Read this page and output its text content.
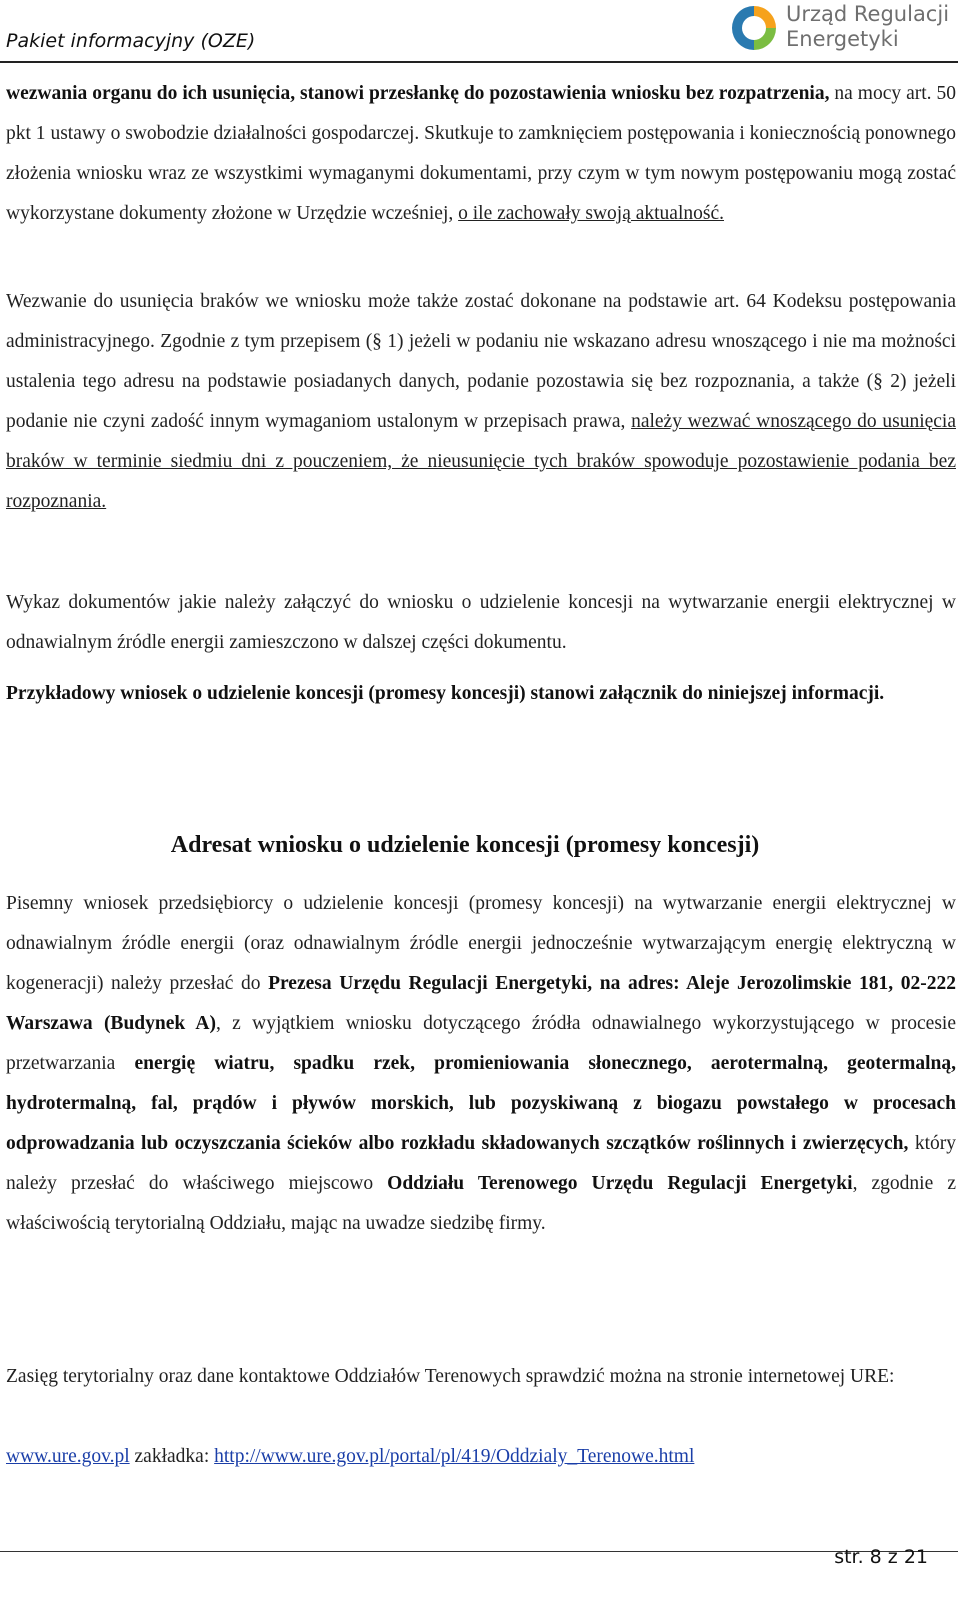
Pakiet informacyjny (OZE)
Urząd Regulacji
Energetyki
wezwania organu do ich usunięcia, stanowi przesłankę do pozostawienia wniosku bez rozpatrzenia, na mocy art. 50 pkt 1 ustawy o swobodzie działalności gospodarczej. Skutkuje to zamknięciem postępowania i koniecznością ponownego złożenia wniosku wraz ze wszystkimi wymaganymi dokumentami, przy czym w tym nowym postępowaniu mogą zostać wykorzystane dokumenty złożone w Urzędzie wcześniej, o ile zachowały swoją aktualność.
Wezwanie do usunięcia braków we wniosku może także zostać dokonane na podstawie art. 64 Kodeksu postępowania administracyjnego. Zgodnie z tym przepisem (§ 1) jeżeli w podaniu nie wskazano adresu wnoszącego i nie ma możności ustalenia tego adresu na podstawie posiadanych danych, podanie pozostawia się bez rozpoznania, a także (§ 2) jeżeli podanie nie czyni zadość innym wymaganiom ustalonym w przepisach prawa, należy wezwać wnoszącego do usunięcia braków w terminie siedmiu dni z pouczeniem, że nieusunięcie tych braków spowoduje pozostawienie podania bez rozpoznania.
Wykaz dokumentów jakie należy załączyć do wniosku o udzielenie koncesji na wytwarzanie energii elektrycznej w odnawialnym źródle energii zamieszczono w dalszej części dokumentu.
Przykładowy wniosek o udzielenie koncesji (promesy koncesji) stanowi załącznik do niniejszej informacji.
Adresat wniosku o udzielenie koncesji (promesy koncesji)
Pisemny wniosek przedsiębiorcy o udzielenie koncesji (promesy koncesji) na wytwarzanie energii elektrycznej w odnawialnym źródle energii (oraz odnawialnym źródle energii jednocześnie wytwarzającym energię elektryczną w kogeneracji) należy przesłać do Prezesa Urzędu Regulacji Energetyki, na adres: Aleje Jerozolimskie 181, 02-222 Warszawa (Budynek A), z wyjątkiem wniosku dotyczącego źródła odnawialnego wykorzystującego w procesie przetwarzania energię wiatru, spadku rzek, promieniowania słonecznego, aerotermalną, geotermalną, hydrotermalną, fal, prądów i pływów morskich, lub pozyskiwaną z biogazu powstałego w procesach odprowadzania lub oczyszczania ścieków albo rozkładu składowanych szczątków roślinnych i zwierzęcych, który należy przesłać do właściwego miejscowo Oddziału Terenowego Urzędu Regulacji Energetyki, zgodnie z właściwością terytorialną Oddziału, mając na uwadze siedzibę firmy.
Zasięg terytorialny oraz dane kontaktowe Oddziałów Terenowych sprawdzić można na stronie internetowej URE:
www.ure.gov.pl zakładka: http://www.ure.gov.pl/portal/pl/419/Oddzialy_Terenowe.html
str. 8 z 21
